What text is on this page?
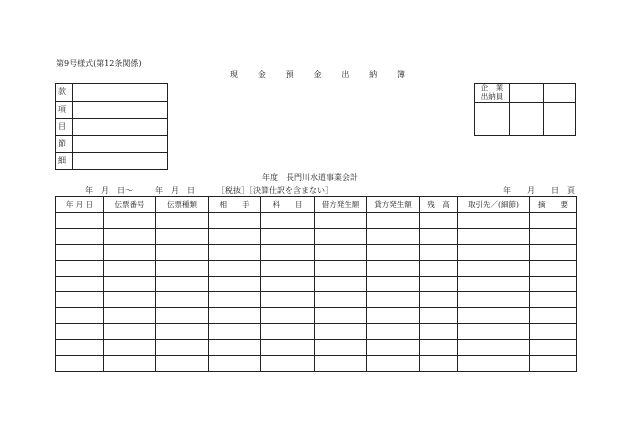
第9号様式(第12条関係)
現 金 預 金 出 納 簿
款
項
目
節
細
企　業
出納員
年度　長門川水道事業会計
年　月　日～	年　月　日	［税抜］［決算仕訳を含まない］	年　　月　　日　頁
年 月 日	伝票番号	伝票種類	相　　手	科　　目	借方発生額	貸方発生額	残　高	取引先／(細節)	摘　　要
